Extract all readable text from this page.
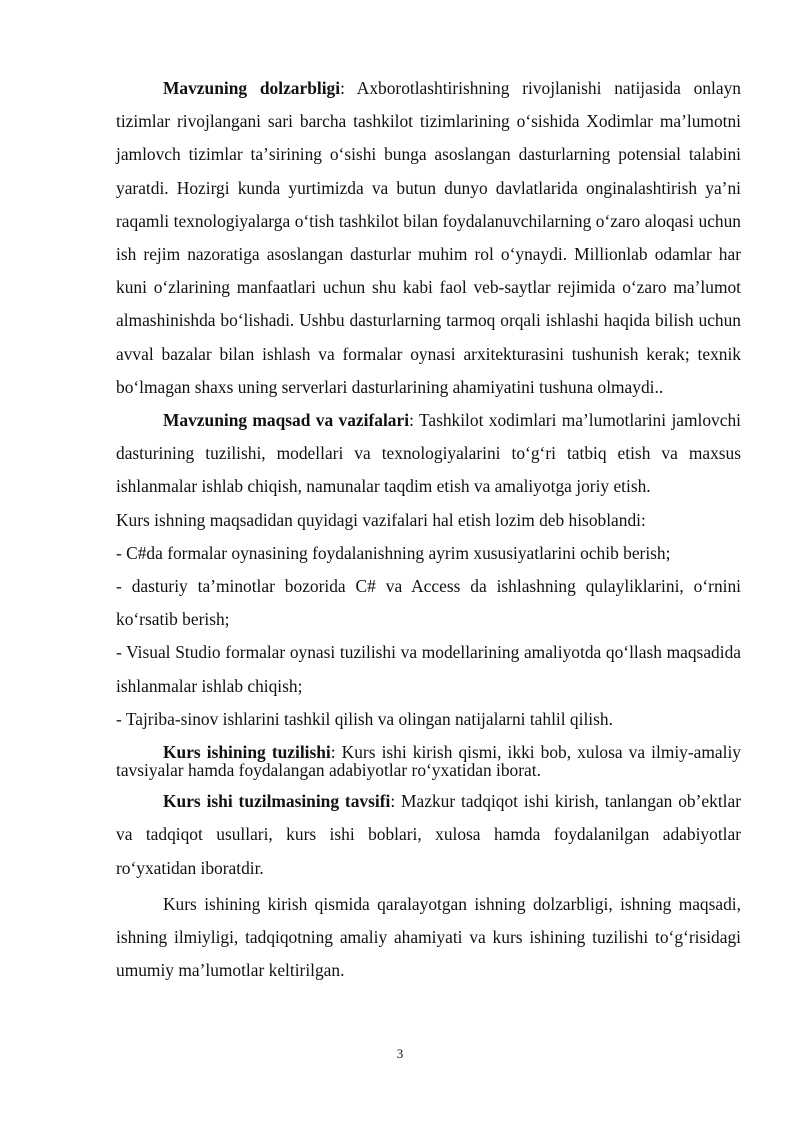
Mavzuning dolzarbligi: Axborotlashtirishning rivojlanishi natijasida onlayn tizimlar rivojlangani sari barcha tashkilot tizimlarining oʻsishida Xodimlar maʼlumotni jamlovch tizimlar taʼsirining oʻsishi bunga asoslangan dasturlarning potensial talabini yaratdi. Hozirgi kunda yurtimizda va butun dunyo davlatlarida onginalashtirish yaʼni raqamli texnologiyalarga oʻtish tashkilot bilan foydalanuvchilarning oʻzaro aloqasi uchun ish rejim nazoratiga asoslangan dasturlar muhim rol oʻynaydi. Millionlab odamlar har kuni oʻzlarining manfaatlari uchun shu kabi faol veb-saytlar rejimida oʻzaro maʼlumot almashinishda boʻlishadi. Ushbu dasturlarning tarmoq orqali ishlashi haqida bilish uchun avval bazalar bilan ishlash va formalar oynasi arxitekturasini tushunish kerak; texnik boʻlmagan shaxs uning serverlari dasturlarining ahamiyatini tushuna olmaydi..

Mavzuning maqsad va vazifalari: Tashkilot xodimlari maʼlumotlarini jamlovchi dasturining tuzilishi, modellari va texnologiyalarini toʻgʻri tatbiq etish va maxsus ishlanmalar ishlab chiqish, namunalar taqdim etish va amaliyotga joriy etish.

Kurs ishning maqsadidan quyidagi vazifalari hal etish lozim deb hisoblandi:

- C#da formalar oynasining foydalanishning ayrim xususiyatlarini ochib berish;

- dasturiy taʼminotlar bozorida C# va Access da ishlashning qulayliklarini, oʻrnini koʻrsatib berish;

- Visual Studio formalar oynasi tuzilishi va modellarining amaliyotda qoʻllash maqsadida ishlanmalar ishlab chiqish;

- Tajriba-sinov ishlarini tashkil qilish va olingan natijalarni tahlil qilish.

Kurs ishining tuzilishi: Kurs ishi kirish qismi, ikki bob, xulosa va ilmiy-amaliy tavsiyalar hamda foydalangan adabiyotlar roʻyxatidan iborat.

Kurs ishi tuzilmasining tavsifi: Mazkur tadqiqot ishi kirish, tanlangan obʼektlar va tadqiqot usullari, kurs ishi boblari, xulosa hamda foydalanilgan adabiyotlar roʻyxatidan iboratdir.

Kurs ishining kirish qismida qaralayotgan ishning dolzarbligi, ishning maqsadi, ishning ilmiyligi, tadqiqotning amaliy ahamiyati va kurs ishining tuzilishi toʻgʻrisidagi umumiy maʼlumotlar keltirilgan.

3
